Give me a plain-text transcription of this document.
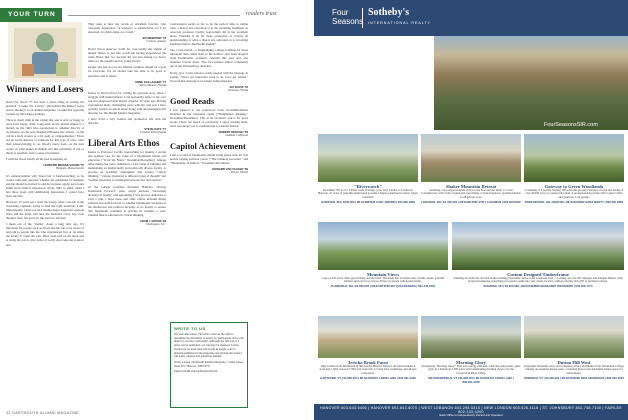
YOUR TURN	readers trust
Winners and Losers

David M. Wood '77 has done a brave thing in writing his heartfelt "Losing the Lottery" [November/December] essay and in sharing it to an alumni magazine, a forum that typically focuses on life's happy endings.

There is much truth in the saying that one is only as happy as one's least happy child. Long-term severe mental illness is a burden on the child who experiences it, whether directly or vicariously. As the poet Maghan O'Rourke has written, "A life can be a body wound, or a dry spell, or a happenstance." There are no facile answers or comforts for this type of pain, other than acknowledging it—as Wood's essay does—as the dark corner of what makes us human and this extremely, if not as much as possible, from a sense of isolation.

I wish the Wood family all the best in keeping on.

LEONARD WEISSE-VAHON '75
Hingham, Massachusetts

It's understandable why Wood felt it heartwrenching as he would come into question whether the guidelines for minimal suicide should be revised to end the tortuous agony loved ones suffer from clinical depression. From 1983 to 1994, when I had three bouts with debilitating depression, I would have been suicidal.

However, 25 years ago I went the lottery. After a decade of the frustrating regimens trying to find the right medicine, I did. Miraculously, I have not had another major depressive episode since and the drugs still take the medicine every day, even though I have felt great for the past two decades.

I mean out of the "shame" closet a long time ago. It's important for people such as Wood and his son to be aware of and talk to people like me who experienced five or six times the lottery is worth the wait. Mine went well on the meds and is doing my part to give better. It really does take one to know one.

They seek to hear the words of Abraham Lincoln, who overcame depression: "A tendency to melancholia...let it be observed, is a misfortune, not a fault."

ED WEBSTER '79
Fremont, Arizona

David Wood deserves credit for overcoming the stigma of mental illness to put into words his having experienced the same illness that two decades his son and among too heavy ashes for the parents and for young David.

People can and do recover. Mental wellness should be a goal for everyone. We all should take the time to be good to ourselves and to others.

ANNE GALLAGHER '77
Wilton Manors, Florida

Kudos to David Wood for writing his personal story about a struggle with mental illness. I can personally relate as my own son was diagnosed with bipolar disorder 40 years ago. Having experienced many challenging years with my own son, I have recently written an article about living with and managing this disorder for The Health Matters magazine.

I have lived a very fruitful and productive life with the disorder.

STEVE KATZ '77
Leonard, Pennsylvania
Liberal Arts Ethos

Kudos to Professor Cecilia Gaposchkin for making a strong and spirited case for the value of a Dartmouth liberal arts education ["Train the Brain," November/December]. Among other things, her piece reminds us of the value of building and maintaining an intellectually and politically diverse faculty to provide an academic atmosphere that fosters "critical thinking," "expose [students] to different types of thought" and "teaches [students] to distinguish between fact and opinion."

At the College promises President Hanlon's "driving Dartmouth Forward" plan, which includes "increasing diversity in faculty" and appointing a vice provost dedicated to such a task, I hope these and other efforts includes hiring scholars and staff from left or whether Dartmouth can improve the intellectual and political diversity of its faculty to ensure that Dartmouth continues to provide its students a well-rounded liberal education in critical thinking.

ADAM I. GROSS '93
Washington, D.C.

Conversation seems to me to be the perfect time to define what a liberal arts education is to the incoming freshmen, as associate professor Cecilia Gaposchkin did in her excellent piece. Wouldn't it be far more productive to convey an understanding of what a liberal arts education is to incoming freshmen than to Dartmouth alumni?

Yes. Convocation—a longstanding College tradition far more important than others such as the bonfire—has been dropped from Dartmouth's academic calendar this year and, one assumes, forever more. That fact seemed almost completely out of the fall meeting I attended.

In my eyes, Convocation is really needed with the message in saying, "We've got important work to do. Let's get started." Too bad that message is no longer being imparted.

JAY DAVIS '54
Sarasota, Florida
Good Reads

I was pleased to see professors' book recommendations included in the magazine again ["Enlightened Reading," November/December]. This is an excellent source for good books I have not heard of previously. I enjoy reading them, and I encourage you to continue this occasional feature.

ROBERT KEOUGH '56
Oakland, California
Capitol Achievement

I am so proud of Dartmouth alumni being poster kids for rich people buying political power ["The Unlikely Governor" and "Meanwhile, In Illinois," November/December].

HOWARD VAN VALKEN '56
Tuscon, Illinois
WRITE TO US

We welcome letters. The editor reserves the right to determine the suitability of letters for publication and to edit them for accuracy and length. Although the full text of a letter can be published, not can they be returned. Letters should run no more than 250 words in length, refer to material published in the magazine and include the writer's full name, address and telephone number.

Write: Letters, Dartmouth Alumni Magazine, 7 Allen Street, Suite 201, Hanover, NH 03755

Email: DAMLetters@Dartmouth.edu

32 DARTMOUTH ALUMNI MAGAZINE
Four
Seasons
Sotheby's
INTERNATIONAL REALTY
FourSeasonsSIR.com
"Riverwatch"
Incredible 75ft ft of CT River water frontage, yard, only 3 miles to downtown Hanover, 4+ acres of park-like landscaped grounds. Unique waterfront location. Super potential!
HANOVER, NH | $795,000 | MLS#4837935 CARL BROWN | 603.306.1868
Shaker Mountain Retreat
Amazing, long range mountain views to the East and the West! 11 room Contemporary with walls of glass and open living. 2 stone fireplaces, gourmet kitchen on 28 private acres.
LEBANON, NH | $1,795,000 | MLS#4617850 JUDY CASHMAN | 603.306.8480
Gateway to Green Woodlands
Consisting of 2 parcels totaling 109 acres this property features a brook and bridge of over 20,000 acres of conservation land. A professional log home with 2 guest cabins and generous 2-car garage.
DORCHESTER, NH | $499,000 | MLS#4616822 SARA MARTY | 802.291.9960
Mountain Views
Cape on 247 acres offers great fishing and ski trails. The house has 3-4 bedrooms, 4 baths, sauna, gourmet kitchen, deck and wood stove. Three car garage with heated studio.
PLAINFIELD, NH | $1,095,000 | MLS#4572560 BO QUACKENBOS | 603.443.2481
Custom Designed Timberframe
Stunning six bedroom, six bath home featuring panoramic views to the south and west — looking out over Mt. Sunapee and Sunapee Harbor. This gorgeous home has everything you need to settle into year round vacation comfort starting with 270' of pristine frontage.
SUNAPEE, NH | $2,950,000 | MLS#4493862 MARGARET WEATHERS | 603.526.7770
Jericho Brook Farm
Only 6 miles from Dartmouth in this Jericho Historic District, the farm includes 6 acres and a fully restored 1790s four bedroom, 3.5 bath barn, farmhouse and all new restoration.
HARTFORD, VT | $1,895,000 | MLS#4493457 CHRIS LANG | 802.291.4348
Morning Glory
Introducing "Morning Glory." This new, energy-efficient, solid nine guest suite, guest gym, in a Suburban 2,500 acres with breathtaking morning views over the Connecticut River Valley.
WEATHERSFIELD, VT | $1,995,000 | MLS#4493107 CHRIS LANG | 802.291.4348
Dutton Hill West
Panoramic mountain views and complete privacy 40 minutes from Dartmouth College offering an exquisite master suite, a stunning great room and ample leisure space for entertaining.
NORWICH, VT | $2,399,000 | MLS#4493990 RICK HEGERSON | 802.291.2616
HANOVER 603.643.6406 | HANOVER 603.643.6070 | WEST LEBANON 603.298.5315 | NEW LONDON 603.526.4116 | ST. JOHNSBURY 802.748.7100 | FAIRLEE 802.333.4200
Each Office is Independently Owned and Operated
